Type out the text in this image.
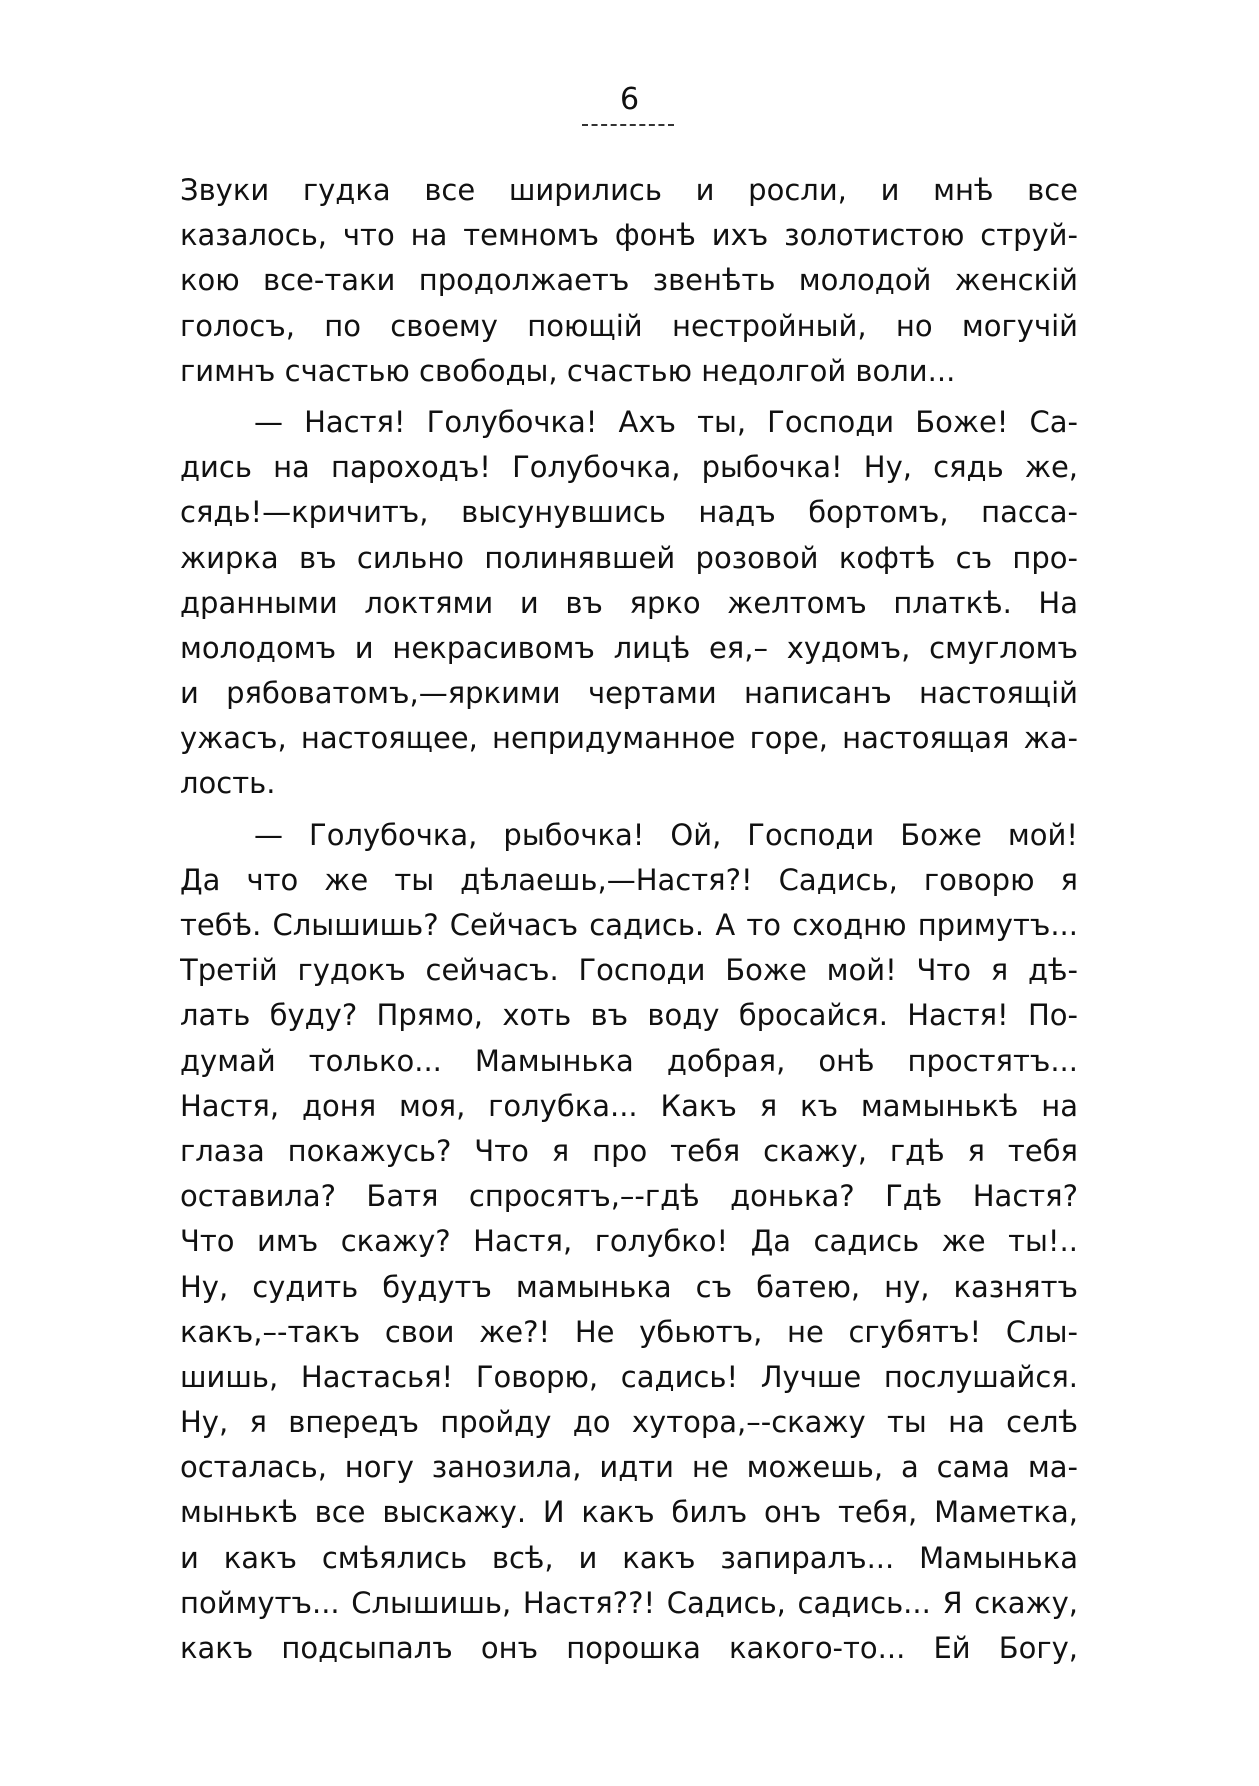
6
Звуки гудка все ширились и росли, и мнѣ все
казалось, что на темномъ фонѣ ихъ золотистою струй-
кою все-таки продолжаетъ звенѣть молодой женскій
голосъ, по своему поющій нестройный, но могучій
гимнъ счастью свободы, счастью недолгой воли...
— Настя! Голубочка! Ахъ ты, Господи Боже! Са-
дись на пароходъ! Голубочка, рыбочка! Ну, сядь же,
сядь!—кричитъ, высунувшись надъ бортомъ, пасса-
жирка въ сильно полинявшей розовой кофтѣ съ про-
дранными локтями и въ ярко желтомъ платкѣ. На
молодомъ и некрасивомъ лицѣ ея,– худомъ, смугломъ
и рябоватомъ,—яркими чертами написанъ настоящій
ужасъ, настоящее, непридуманное горе, настоящая жа-
лость.
— Голубочка, рыбочка! Ой, Господи Боже мой!
Да что же ты дѣлаешь,—Настя?! Садись, говорю я
тебѣ. Слышишь? Сейчасъ садись. А то сходню примутъ...
Третій гудокъ сейчасъ. Господи Боже мой! Что я дѣ-
лать буду? Прямо, хоть въ воду бросайся. Настя! По-
думай только... Мамынька добрая, онѣ простятъ...
Настя, доня моя, голубка... Какъ я къ мамынькѣ на
глаза покажусь? Что я про тебя скажу, гдѣ я тебя
оставила? Батя спросятъ,–-гдѣ донька? Гдѣ Настя?
Что имъ скажу? Настя, голубко! Да садись же ты!..
Ну, судить будутъ мамынька съ батею, ну, казнятъ
какъ,–-такъ свои же?! Не убьютъ, не сгубятъ! Слы-
шишь, Настасья! Говорю, садись! Лучше послушайся.
Ну, я впередъ пройду до хутора,–-скажу ты на селѣ
осталась, ногу занозила, идти не можешь, а сама ма-
мынькѣ все выскажу. И какъ билъ онъ тебя, Маметка,
и какъ смѣялись всѣ, и какъ запиралъ... Мамынька
поймутъ... Слышишь, Настя??! Садись, садись... Я скажу,
какъ подсыпалъ онъ порошка какого-то... Ей Богу,
